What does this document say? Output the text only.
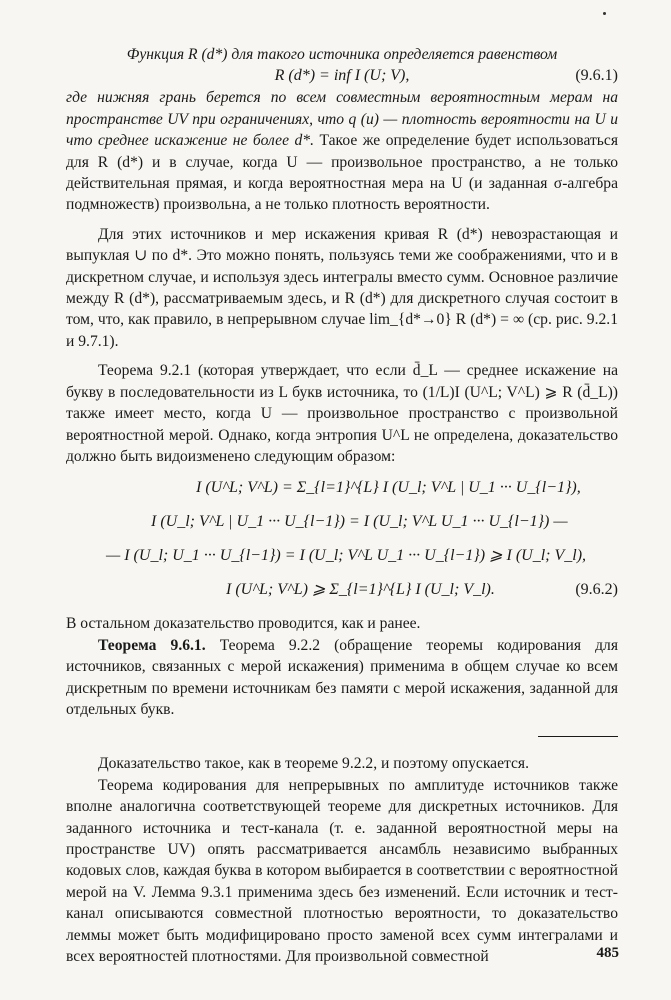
Функция R (d*) для такого источника определяется равенством

R (d*) = inf I (U; V),	(9.6.1)

где нижняя грань берется по всем совместным вероятностным мерам на пространстве UV при ограничениях, что q (u) — плотность вероятности на U и что среднее искажение не более d*. Такое же определение будет использоваться для R (d*) и в случае, когда U — произвольное пространство, а не только действительная прямая, и когда вероятностная мера на U (и заданная σ-алгебра подмножеств) произвольна, а не только плотность вероятности.

Для этих источников и мер искажения кривая R (d*) невозрастающая и выпуклая ∪ по d*. Это можно понять, пользуясь теми же соображениями, что и в дискретном случае, и используя здесь интегралы вместо сумм. Основное различие между R (d*), рассматриваемым здесь, и R (d*) для дискретного случая состоит в том, что, как правило, в непрерывном случае lim_{d*→0} R (d*) = ∞ (ср. рис. 9.2.1 и 9.7.1).

Теорема 9.2.1 (которая утверждает, что если d̄_L — среднее искажение на букву в последовательности из L букв источника, то (1/L)I (U^L; V^L) ⩾ R (d̄_L)) также имеет место, когда U — произвольное пространство с произвольной вероятностной мерой. Однако, когда энтропия U^L не определена, доказательство должно быть видоизменено следующим образом:

I (U^L; V^L) = Σ_{l=1}^{L} I (U_l; V^L | U_1 ··· U_{l−1}),
I (U_l; V^L | U_1 ··· U_{l−1}) = I (U_l; V^L U_1 ··· U_{l−1}) —
— I (U_l; U_1 ··· U_{l−1}) = I (U_l; V^L U_1 ··· U_{l−1}) ⩾ I (U_l; V_l),
I (U^L; V^L) ⩾ Σ_{l=1}^{L} I (U_l; V_l).	(9.6.2)

В остальном доказательство проводится, как и ранее.

Теорема 9.6.1. Теорема 9.2.2 (обращение теоремы кодирования для источников, связанных с мерой искажения) применима в общем случае ко всем дискретным по времени источникам без памяти с мерой искажения, заданной для отдельных букв.

Доказательство такое, как в теореме 9.2.2, и поэтому опускается.

Теорема кодирования для непрерывных по амплитуде источников также вполне аналогична соответствующей теореме для дискретных источников. Для заданного источника и тест-канала (т. е. заданной вероятностной меры на пространстве UV) опять рассматривается ансамбль независимо выбранных кодовых слов, каждая буква в котором выбирается в соответствии с вероятностной мерой на V. Лемма 9.3.1 применима здесь без изменений. Если источник и тест-канал описываются совместной плотностью вероятности, то доказательство леммы может быть модифицировано просто заменой всех сумм интегралами и всех вероятностей плотностями. Для произвольной совместной	485
